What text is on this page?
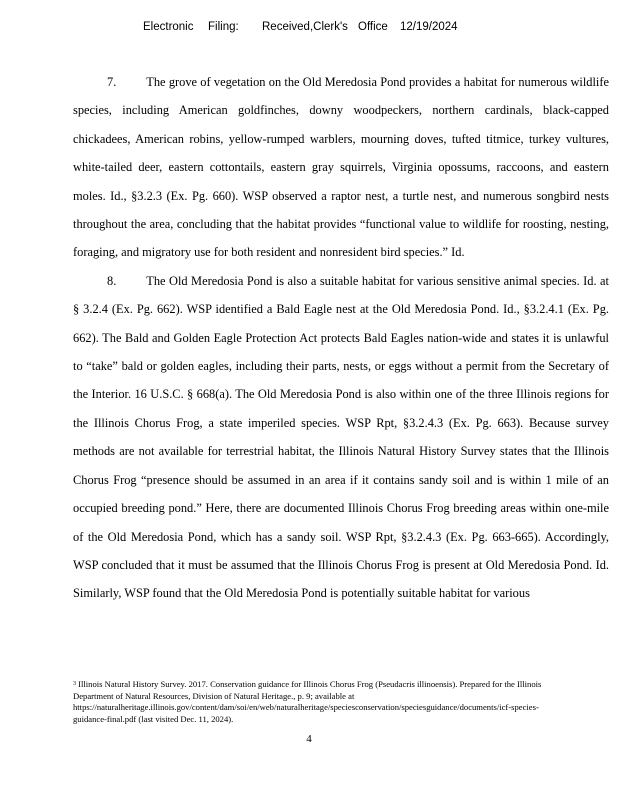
Electronic Filing: Received,Clerk's Office 12/19/2024

7. The grove of vegetation on the Old Meredosia Pond provides a habitat for numerous wildlife species, including American goldfinches, downy woodpeckers, northern cardinals, black-capped chickadees, American robins, yellow-rumped warblers, mourning doves, tufted titmice, turkey vultures, white-tailed deer, eastern cottontails, eastern gray squirrels, Virginia opossums, raccoons, and eastern moles. Id., §3.2.3 (Ex. Pg. 660). WSP observed a raptor nest, a turtle nest, and numerous songbird nests throughout the area, concluding that the habitat provides “functional value to wildlife for roosting, nesting, foraging, and migratory use for both resident and nonresident bird species.” Id.

8. The Old Meredosia Pond is also a suitable habitat for various sensitive animal species. Id. at § 3.2.4 (Ex. Pg. 662). WSP identified a Bald Eagle nest at the Old Meredosia Pond. Id., §3.2.4.1 (Ex. Pg. 662). The Bald and Golden Eagle Protection Act protects Bald Eagles nation-wide and states it is unlawful to “take” bald or golden eagles, including their parts, nests, or eggs without a permit from the Secretary of the Interior. 16 U.S.C. § 668(a). The Old Meredosia Pond is also within one of the three Illinois regions for the Illinois Chorus Frog, a state imperiled species. WSP Rpt, §3.2.4.3 (Ex. Pg. 663). Because survey methods are not available for terrestrial habitat, the Illinois Natural History Survey states that the Illinois Chorus Frog “presence should be assumed in an area if it contains sandy soil and is within 1 mile of an occupied breeding pond.” Here, there are documented Illinois Chorus Frog breeding areas within one-mile of the Old Meredosia Pond, which has a sandy soil. WSP Rpt, §3.2.4.3 (Ex. Pg. 663-665). Accordingly, WSP concluded that it must be assumed that the Illinois Chorus Frog is present at Old Meredosia Pond. Id. Similarly, WSP found that the Old Meredosia Pond is potentially suitable habitat for various

$^3$ Illinois Natural History Survey. 2017. Conservation guidance for Illinois Chorus Frog (Pseudacris illinoensis). Prepared for the Illinois Department of Natural Resources, Division of Natural Heritage., p. 9; available at https://naturalheritage.illinois.gov/content/dam/soi/en/web/naturalheritage/speciesconservation/speciesguidance/documents/icf-species-guidance-final.pdf (last visited Dec. 11, 2024).

4
